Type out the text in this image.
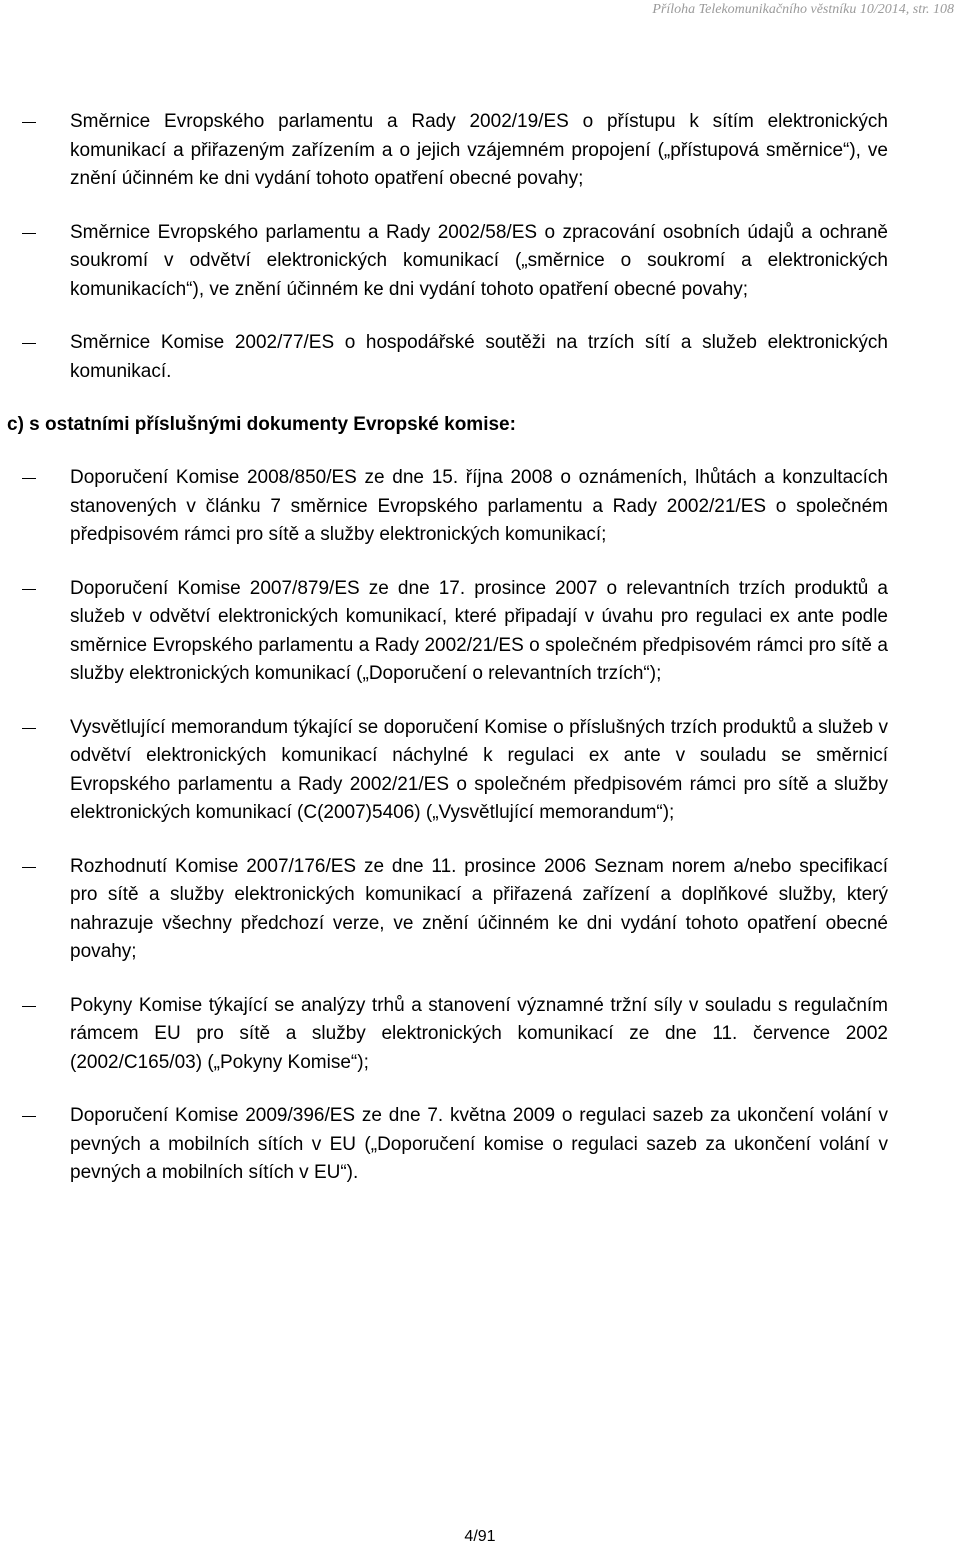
Příloha Telekomunikačního věstníku 10/2014, str. 108
Směrnice Evropského parlamentu a Rady 2002/19/ES o přístupu k sítím elektronických komunikací a přiřazeným zařízením a o jejich vzájemném propojení („přístupová směrnice“), ve znění účinném ke dni vydání tohoto opatření obecné povahy;
Směrnice Evropského parlamentu a Rady 2002/58/ES o zpracování osobních údajů a ochraně soukromí v odvětví elektronických komunikací („směrnice o soukromí a elektronických komunikacích“), ve znění účinném ke dni vydání tohoto opatření obecné povahy;
Směrnice Komise 2002/77/ES o hospodářské soutěži na trzích sítí a služeb elektronických komunikací.
c) s ostatními příslušnými dokumenty Evropské komise:
Doporučení Komise 2008/850/ES ze dne 15. října 2008 o oznámeních, lhůtách a konzultacích stanovených v článku 7 směrnice Evropského parlamentu a Rady 2002/21/ES o společném předpisovém rámci pro sítě a služby elektronických komunikací;
Doporučení Komise 2007/879/ES ze dne 17. prosince 2007 o relevantních trzích produktů a služeb v odvětví elektronických komunikací, které připadají v úvahu pro regulaci ex ante podle směrnice Evropského parlamentu a Rady 2002/21/ES o společném předpisovém rámci pro sítě a služby elektronických komunikací („Doporučení o relevantních trzích“);
Vysvětlující memorandum týkající se doporučení Komise o příslušných trzích produktů a služeb v odvětví elektronických komunikací náchylné k regulaci ex ante v souladu se směrnicí Evropského parlamentu a Rady 2002/21/ES o společném předpisovém rámci pro sítě a služby elektronických komunikací (C(2007)5406) („Vysvětlující memorandum“);
Rozhodnutí Komise 2007/176/ES ze dne 11. prosince 2006 Seznam norem a/nebo specifikací pro sítě a služby elektronických komunikací a přiřazená zařízení a doplňkové služby, který nahrazuje všechny předchozí verze, ve znění účinném ke dni vydání tohoto opatření obecné povahy;
Pokyny Komise týkající se analýzy trhů a stanovení významné tržní síly v souladu s regulačním rámcem EU pro sítě a služby elektronických komunikací ze dne 11. července 2002 (2002/C165/03) („Pokyny Komise“);
Doporučení Komise 2009/396/ES ze dne 7. května 2009 o regulaci sazeb za ukončení volání v pevných a mobilních sítích v EU („Doporučení komise o regulaci sazeb za ukončení volání v pevných a mobilních sítích v EU“).
4/91
